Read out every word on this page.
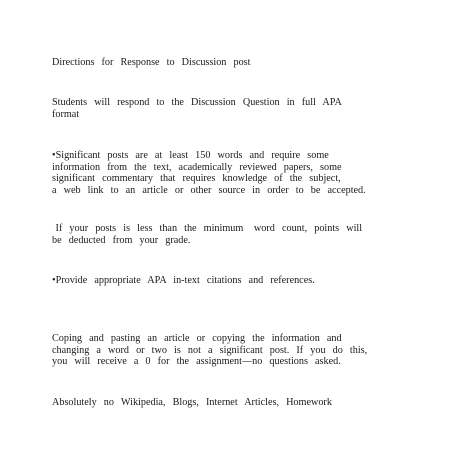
Directions  for  Response  to  Discussion  post

Students  will  respond  to  the  Discussion  Question  in  full  APA
format

•Significant  posts  are  at  least  150  words  and  require  some
information  from  the  text,  academically  reviewed  papers,  some
significant  commentary  that  requires  knowledge  of  the  subject,
a  web  link  to  an  article  or  other  source  in  order  to  be  accepted.

If  your  posts  is  less  than  the  minimum   word  count,  points  will
be  deducted  from  your  grade.

•Provide  appropriate  APA  in-text  citations  and  references.

Coping  and  pasting  an  article  or  copying  the  information  and
changing  a  word  or  two  is  not  a  significant  post.  If  you  do  this,
you  will  receive  a  0  for  the  assignment—no  questions  asked.

Absolutely  no  Wikipedia,  Blogs,  Internet  Articles,  Homework
